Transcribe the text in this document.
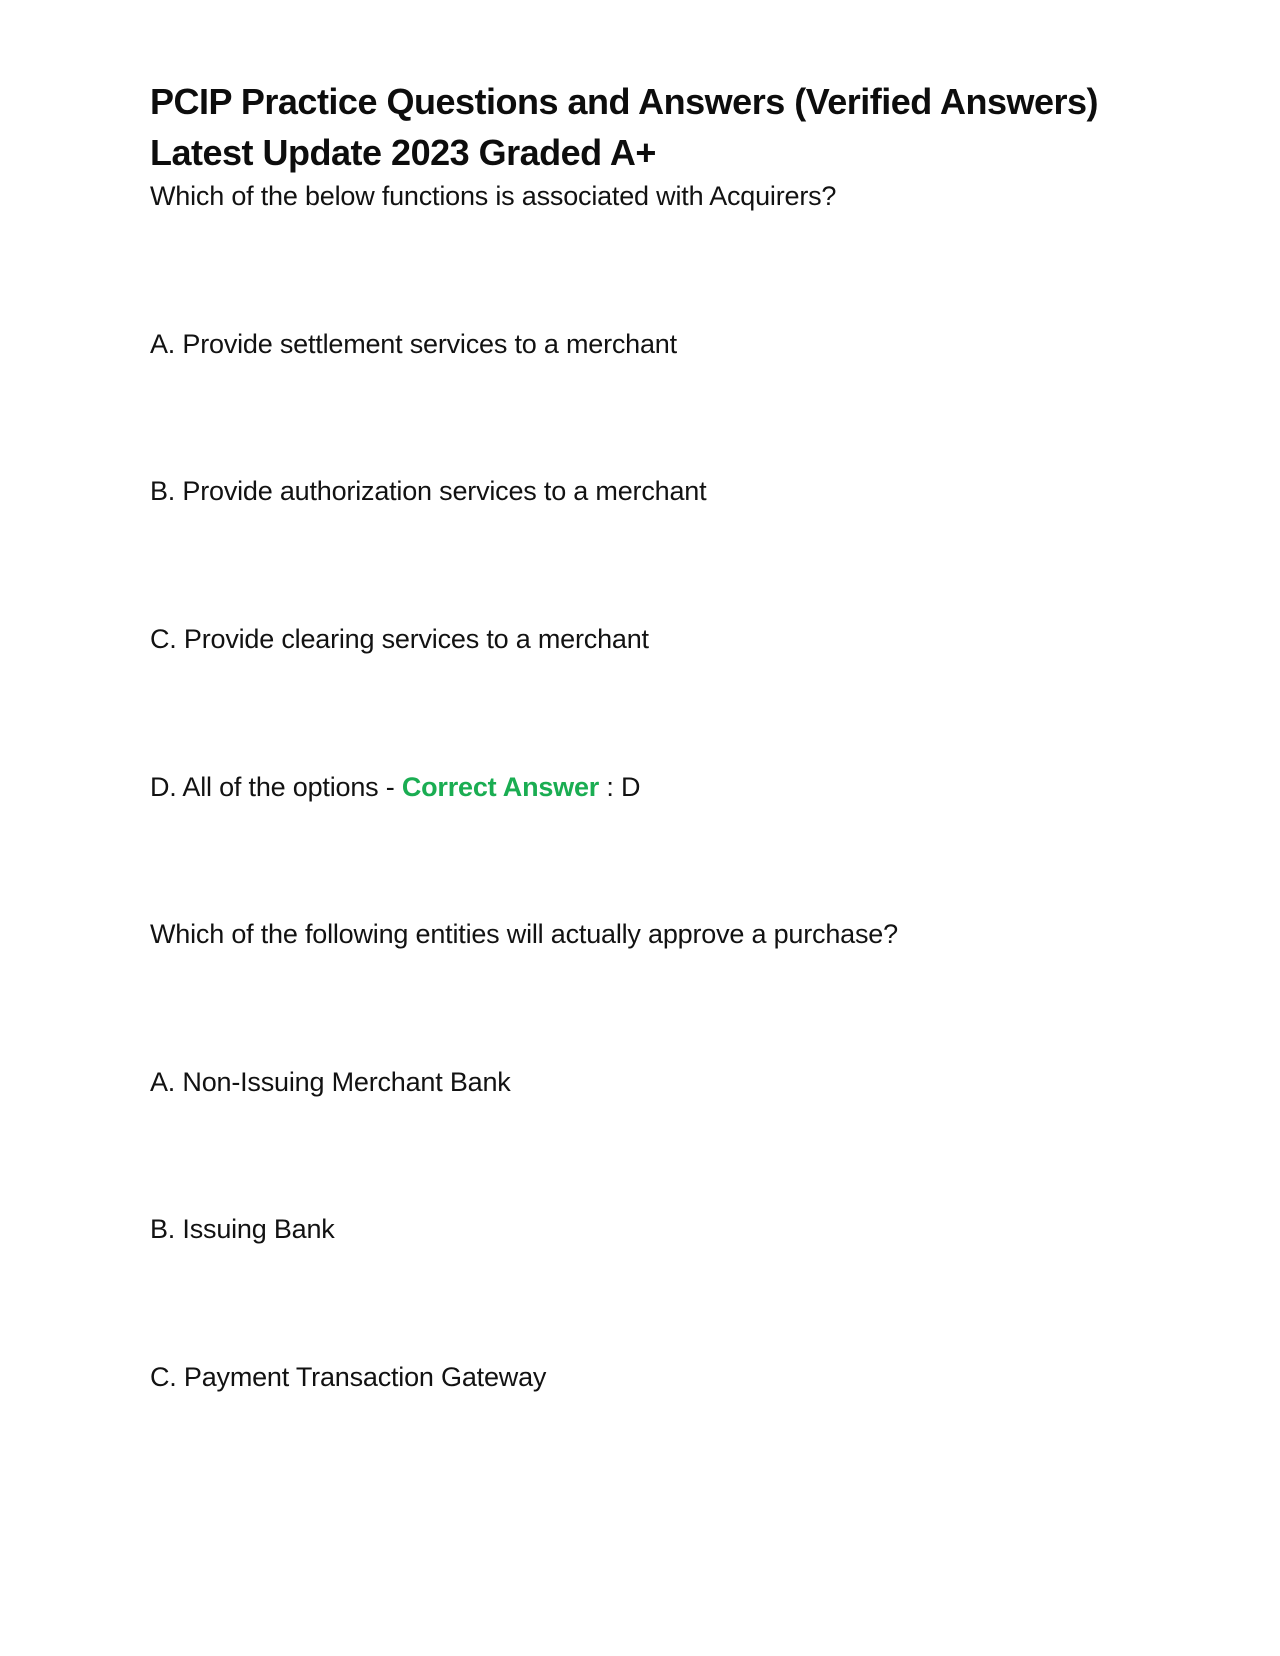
PCIP Practice Questions and Answers (Verified Answers)
Latest Update 2023 Graded A+
Which of the below functions is associated with Acquirers?
A. Provide settlement services to a merchant
B. Provide authorization services to a merchant
C. Provide clearing services to a merchant
D. All of the options - Correct Answer : D
Which of the following entities will actually approve a purchase?
A. Non-Issuing Merchant Bank
B. Issuing Bank
C. Payment Transaction Gateway
